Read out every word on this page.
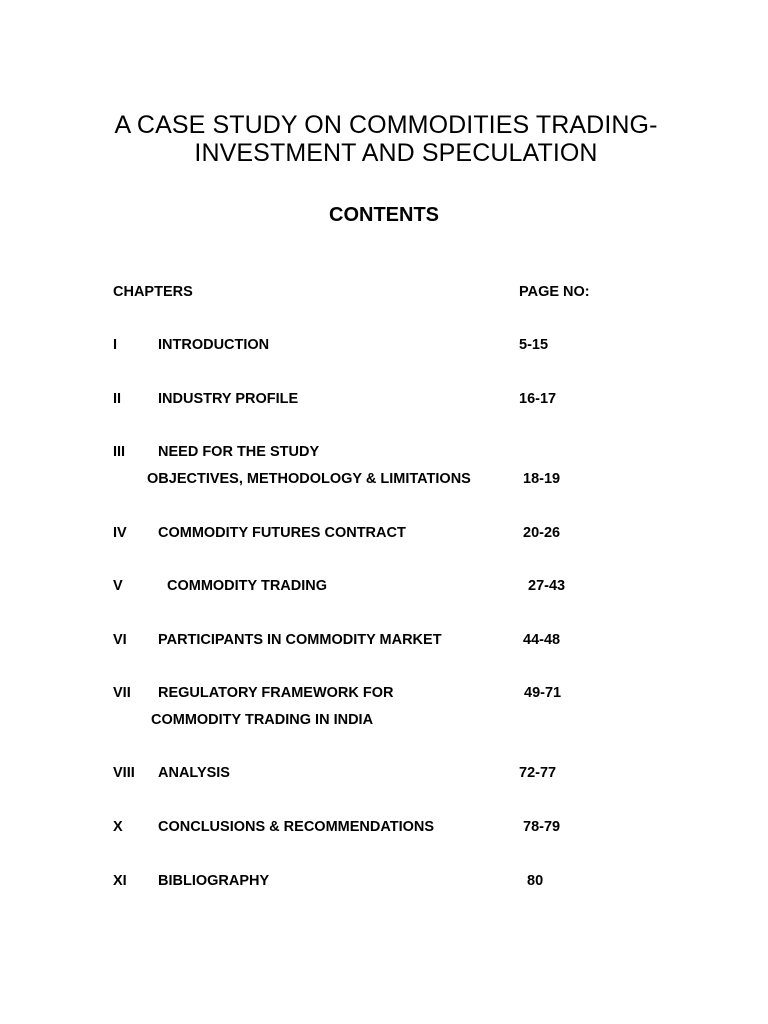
A CASE STUDY ON COMMODITIES TRADING-
INVESTMENT AND SPECULATION
CONTENTS
CHAPTERS	PAGE NO:
I	INTRODUCTION	5-15
II	INDUSTRY PROFILE	16-17
III NEED FOR THE STUDY
OBJECTIVES, METHODOLOGY & LIMITATIONS	18-19
IV COMMODITY FUTURES CONTRACT	20-26
V	COMMODITY TRADING	27-43
VI PARTICIPANTS IN COMMODITY MARKET	44-48
VII REGULATORY FRAMEWORK FOR	49-71
COMMODITY TRADING IN INDIA
VIII ANALYSIS	72-77
X CONCLUSIONS & RECOMMENDATIONS	78-79
XI BIBLIOGRAPHY	80
